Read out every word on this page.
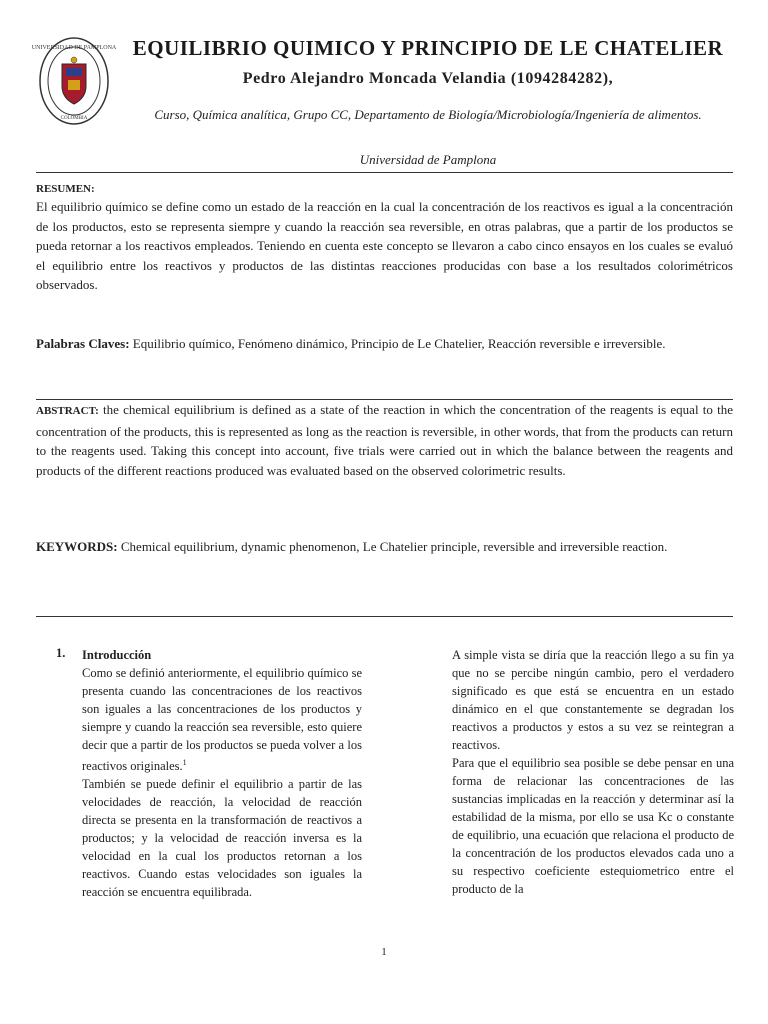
UNIVERSIDAD DE PAMPLONA
COLOMBIA
EQUILIBRIO QUIMICO Y PRINCIPIO DE LE CHATELIER
Pedro Alejandro Moncada Velandia (1094284282),
Curso, Química analítica, Grupo CC, Departamento de Biología/Microbiología/Ingeniería de alimentos.
Universidad de Pamplona
RESUMEN:
El equilibrio químico se define como un estado de la reacción en la cual la concentración de los reactivos es igual a la concentración de los productos, esto se representa siempre y cuando la reacción sea reversible, en otras palabras, que a partir de los productos se pueda retornar a los reactivos empleados. Teniendo en cuenta este concepto se llevaron a cabo cinco ensayos en los cuales se evaluó el equilibrio entre los reactivos y productos de las distintas reacciones producidas con base a los resultados colorimétricos observados.
Palabras Claves: Equilibrio químico, Fenómeno dinámico, Principio de Le Chatelier, Reacción reversible e irreversible.
ABSTRACT: the chemical equilibrium is defined as a state of the reaction in which the concentration of the reagents is equal to the concentration of the products, this is represented as long as the reaction is reversible, in other words, that from the products can return to the reagents used. Taking this concept into account, five trials were carried out in which the balance between the reagents and products of the different reactions produced was evaluated based on the observed colorimetric results.
KEYWORDS: Chemical equilibrium, dynamic phenomenon, Le Chatelier principle, reversible and irreversible reaction.
1. Introducción
Como se definió anteriormente, el equilibrio químico se presenta cuando las concentraciones de los reactivos son iguales a las concentraciones de los productos y siempre y cuando la reacción sea reversible, esto quiere decir que a partir de los productos se pueda volver a los reactivos originales.$^1$
También se puede definir el equilibrio a partir de las velocidades de reacción, la velocidad de reacción directa se presenta en la transformación de reactivos a productos; y la velocidad de reacción inversa es la velocidad en la cual los productos retornan a los reactivos. Cuando estas velocidades son iguales la reacción se encuentra equilibrada.
A simple vista se diría que la reacción llego a su fin ya que no se percibe ningún cambio, pero el verdadero significado es que está se encuentra en un estado dinámico en el que constantemente se degradan los reactivos a productos y estos a su vez se reintegran a reactivos.
Para que el equilibrio sea posible se debe pensar en una forma de relacionar las concentraciones de las sustancias implicadas en la reacción y determinar así la estabilidad de la misma, por ello se usa Kc o constante de equilibrio, una ecuación que relaciona el producto de la concentración de los productos elevados cada uno a su respectivo coeficiente estequiometrico entre el producto de la
1
